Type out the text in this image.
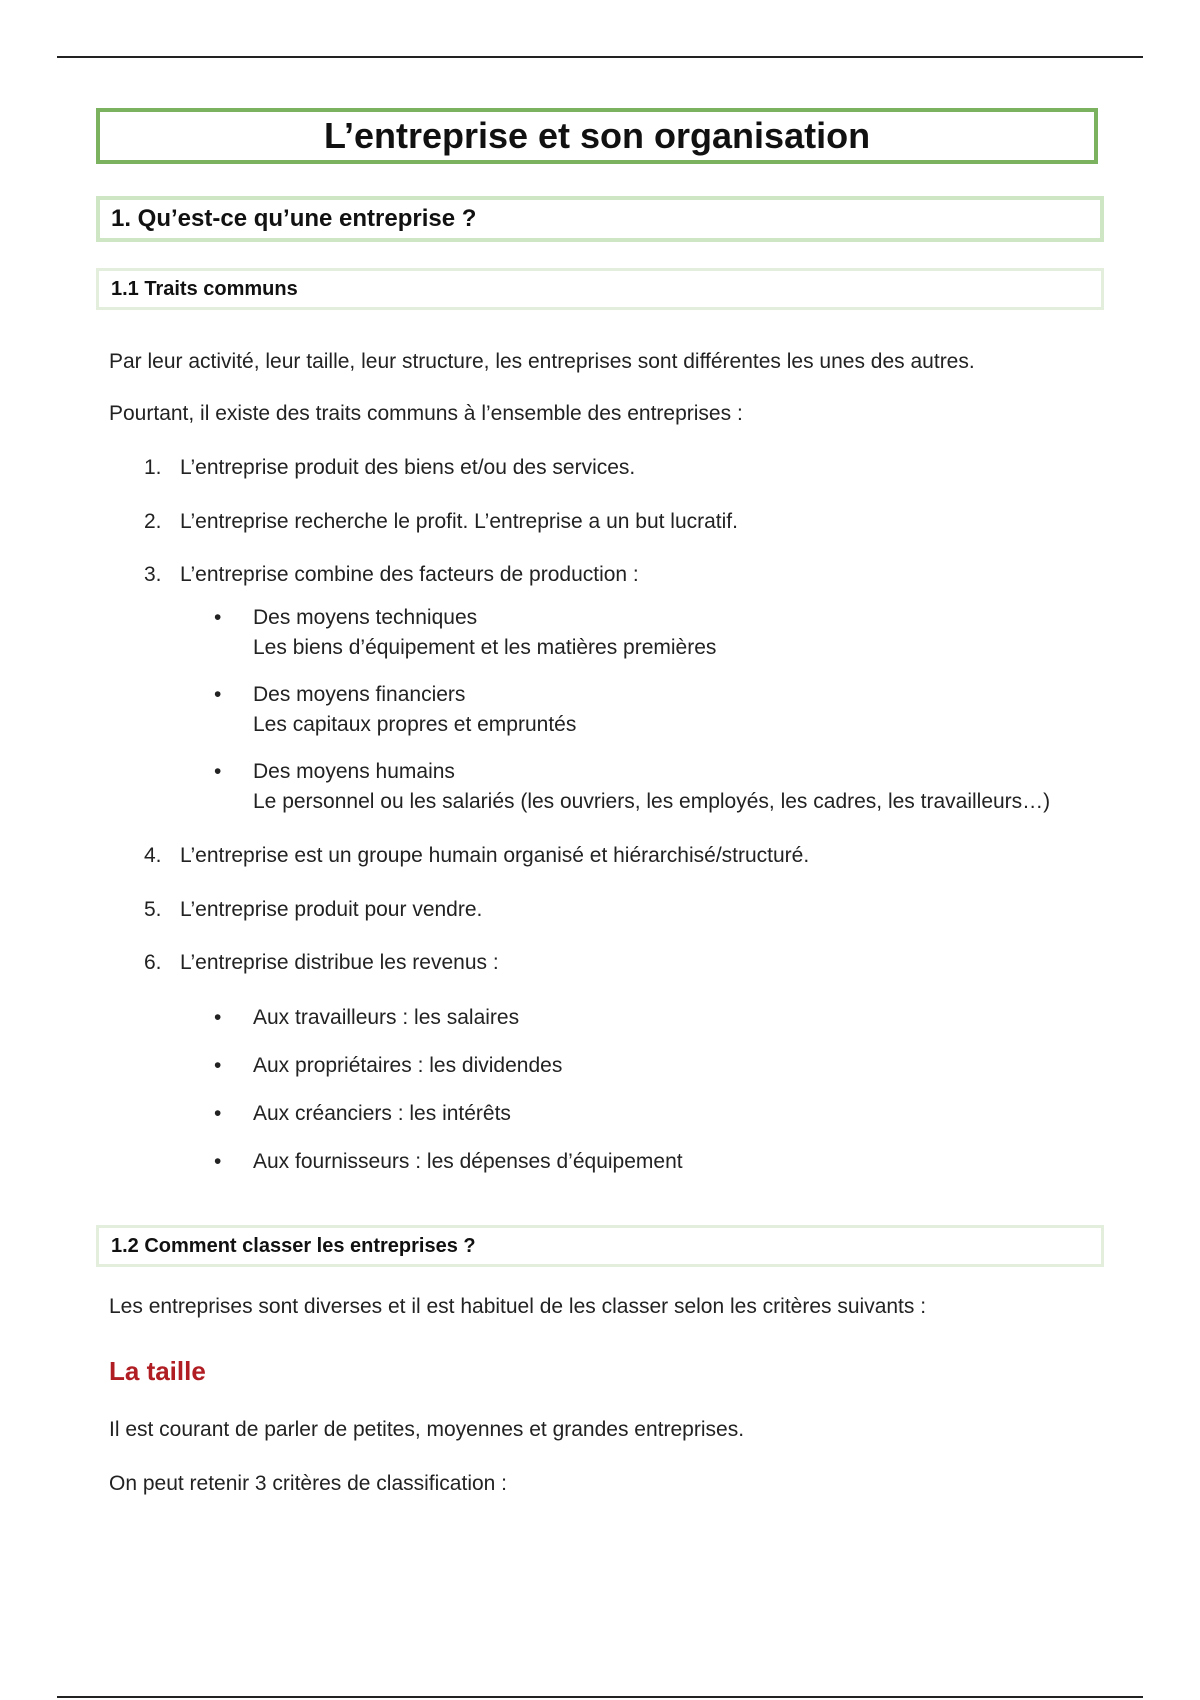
L’entreprise et son organisation
1. Qu’est-ce qu’une entreprise ?
1.1 Traits communs
Par leur activité, leur taille, leur structure, les entreprises sont différentes les unes des autres.
Pourtant, il existe des traits communs à l’ensemble des entreprises :
1. L’entreprise produit des biens et/ou des services.
2. L’entreprise recherche le profit. L’entreprise a un but lucratif.
3. L’entreprise combine des facteurs de production :
•	Des moyens techniques
Les biens d’équipement et les matières premières
•	Des moyens financiers
Les capitaux propres et empruntés
•	Des moyens humains
Le personnel ou les salariés (les ouvriers, les employés, les cadres, les travailleurs…)
4. L’entreprise est un groupe humain organisé et hiérarchisé/structuré.
5. L’entreprise produit pour vendre.
6. L’entreprise distribue les revenus :
•	Aux travailleurs : les salaires
•	Aux propriétaires : les dividendes
•	Aux créanciers : les intérêts
•	Aux fournisseurs : les dépenses d’équipement
1.2 Comment classer les entreprises ?
Les entreprises sont diverses et il est habituel de les classer selon les critères suivants :
La taille
Il est courant de parler de petites, moyennes et grandes entreprises.
On peut retenir 3 critères de classification :
